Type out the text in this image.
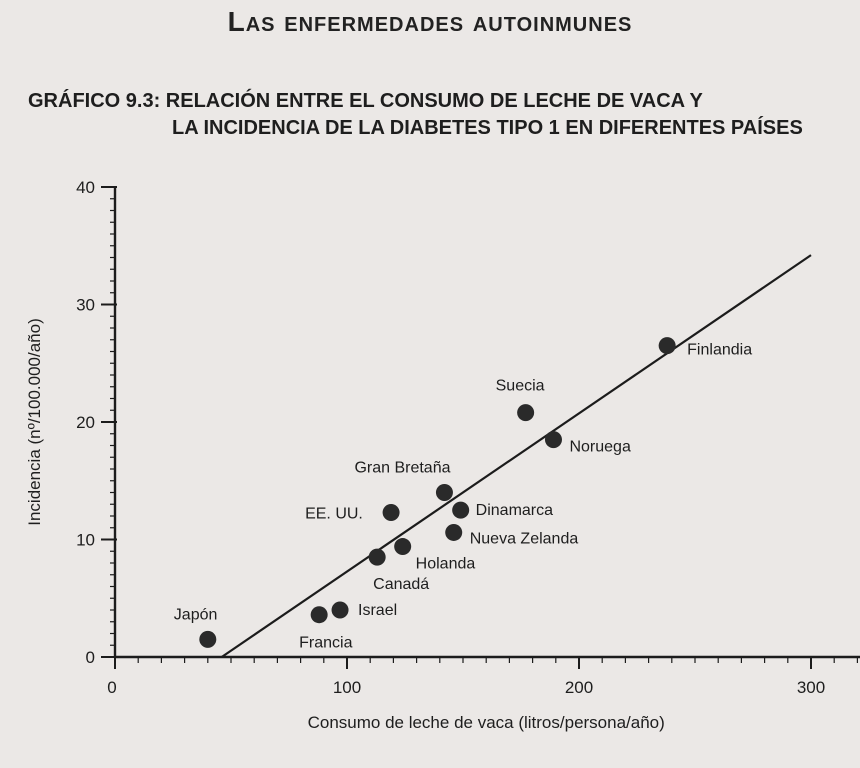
Las enfermedades autoinmunes
GRÁFICO 9.3: RELACIÓN ENTRE EL CONSUMO DE LECHE DE VACA Y
LA INCIDENCIA DE LA DIABETES TIPO 1 EN DIFERENTES PAÍSES
0
10
20
30
40
0	100	200	300
Japón
Francia
Israel
Canadá
Holanda
EE. UU.
Gran Bretaña
Dinamarca
Nueva Zelanda
Suecia
Noruega
Finlandia
Consumo de leche de vaca (litros/persona/año)
Incidencia (nº/100.000/año)
